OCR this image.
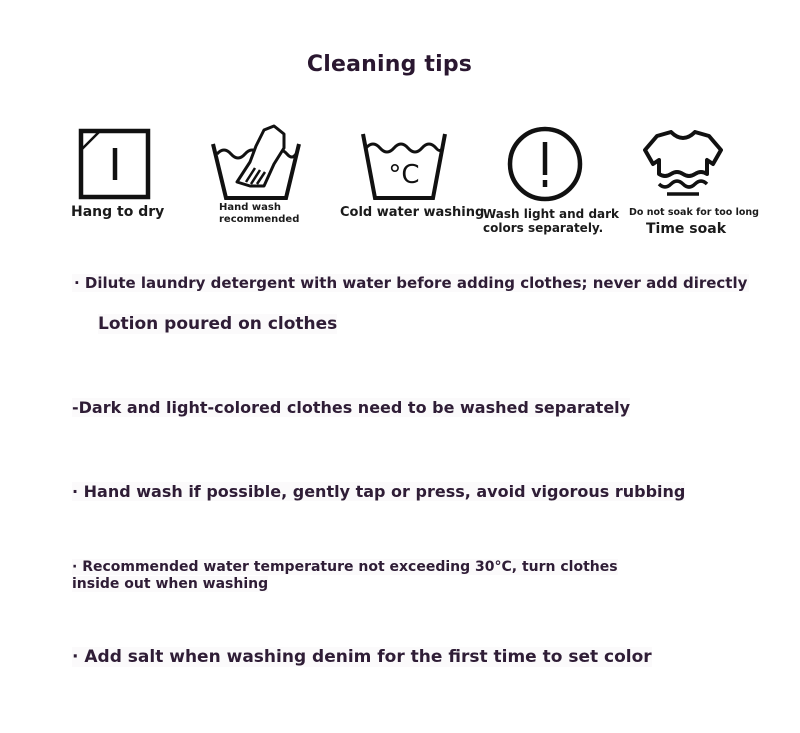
Cleaning tips
Hang to dry	Hand wash
recommended
°C
Cold water washing
Wash light and dark
colors separately.
Do not soak for too long
Time soak
· Dilute laundry detergent with water before adding clothes; never add directly
Lotion poured on clothes
-Dark and light-colored clothes need to be washed separately
· Hand wash if possible, gently tap or press, avoid vigorous rubbing
· Recommended water temperature not exceeding 30°C, turn clothes
inside out when washing
· Add salt when washing denim for the first time to set color
